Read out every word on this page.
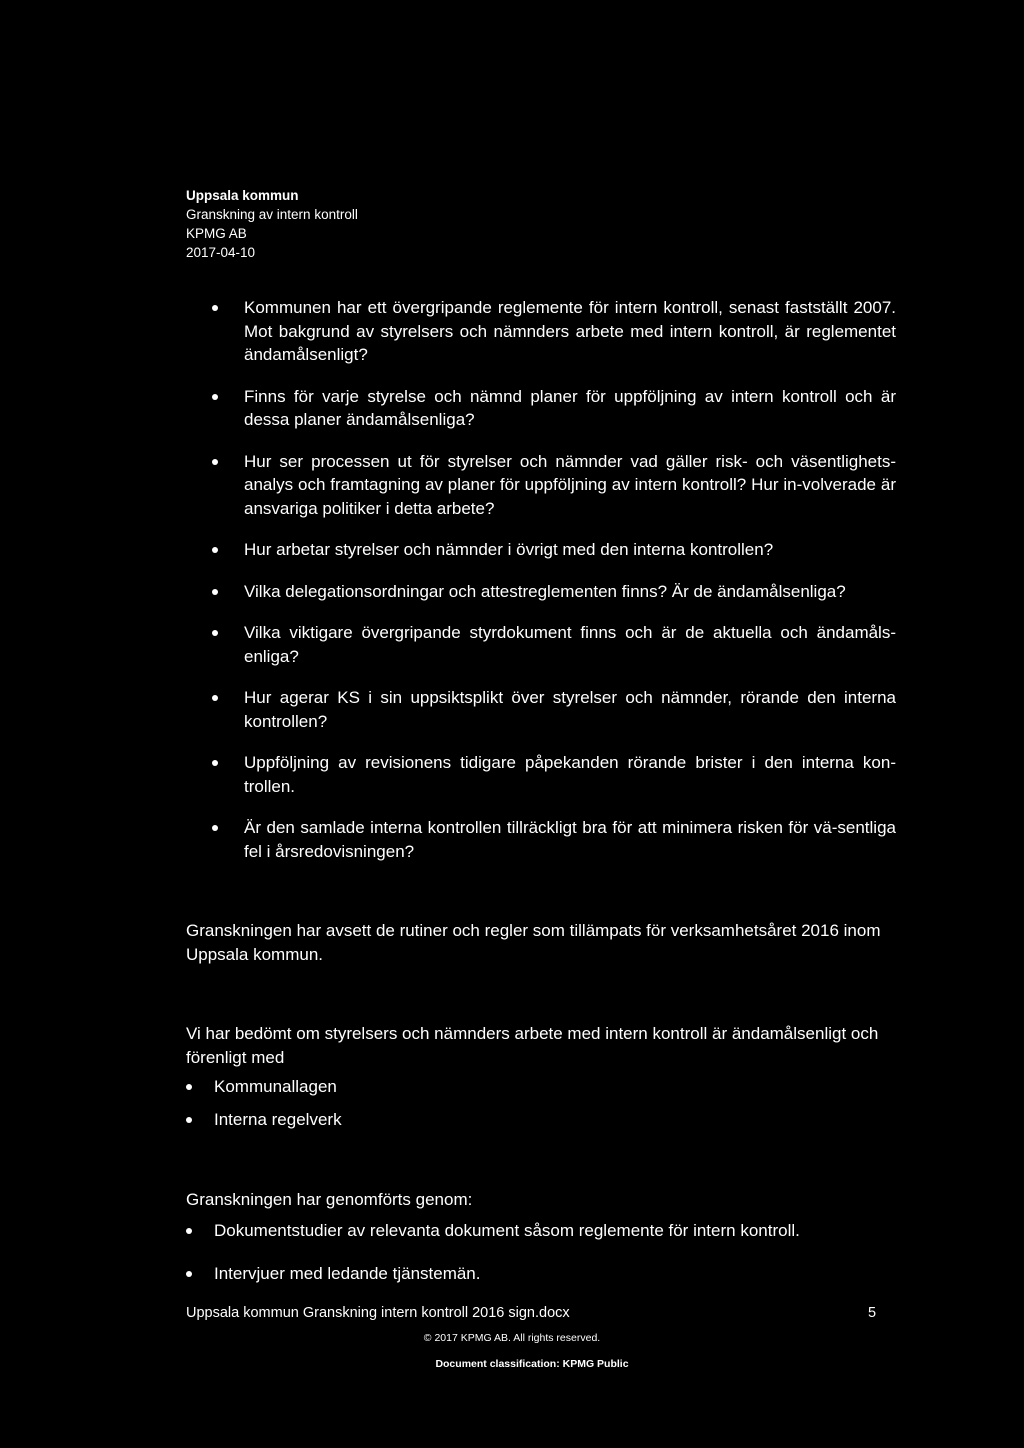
Uppsala kommun
Granskning av intern kontroll
KPMG AB
2017-04-10
Kommunen har ett övergripande reglemente för intern kontroll, senast fastställt 2007. Mot bakgrund av styrelsers och nämnders arbete med intern kontroll, är reglementet ändamålsenligt?
Finns för varje styrelse och nämnd planer för uppföljning av intern kontroll och är dessa planer ändamålsenliga?
Hur ser processen ut för styrelser och nämnder vad gäller risk- och väsentlighets-analys och framtagning av planer för uppföljning av intern kontroll? Hur in-volverade är ansvariga politiker i detta arbete?
Hur arbetar styrelser och nämnder i övrigt med den interna kontrollen?
Vilka delegationsordningar och attestreglementen finns? Är de ändamålsenliga?
Vilka viktigare övergripande styrdokument finns och är de aktuella och ändamåls-enliga?
Hur agerar KS i sin uppsiktsplikt över styrelser och nämnder, rörande den interna kontrollen?
Uppföljning av revisionens tidigare påpekanden rörande brister i den interna kon-trollen.
Är den samlade interna kontrollen tillräckligt bra för att minimera risken för vä-sentliga fel i årsredovisningen?

Granskningen har avsett de rutiner och regler som tillämpats för verksamhetsåret 2016 inom Uppsala kommun.

Vi har bedömt om styrelsers och nämnders arbete med intern kontroll är ändamålsenligt och förenligt med

Kommunallagen
Interna regelverk

Granskningen har genomförts genom:

Dokumentstudier av relevanta dokument såsom reglemente för intern kontroll.
Intervjuer med ledande tjänstemän.
Uppsala kommun Granskning intern kontroll 2016 sign.docx	5
© 2017 KPMG AB. All rights reserved.
Document classification: KPMG Public
